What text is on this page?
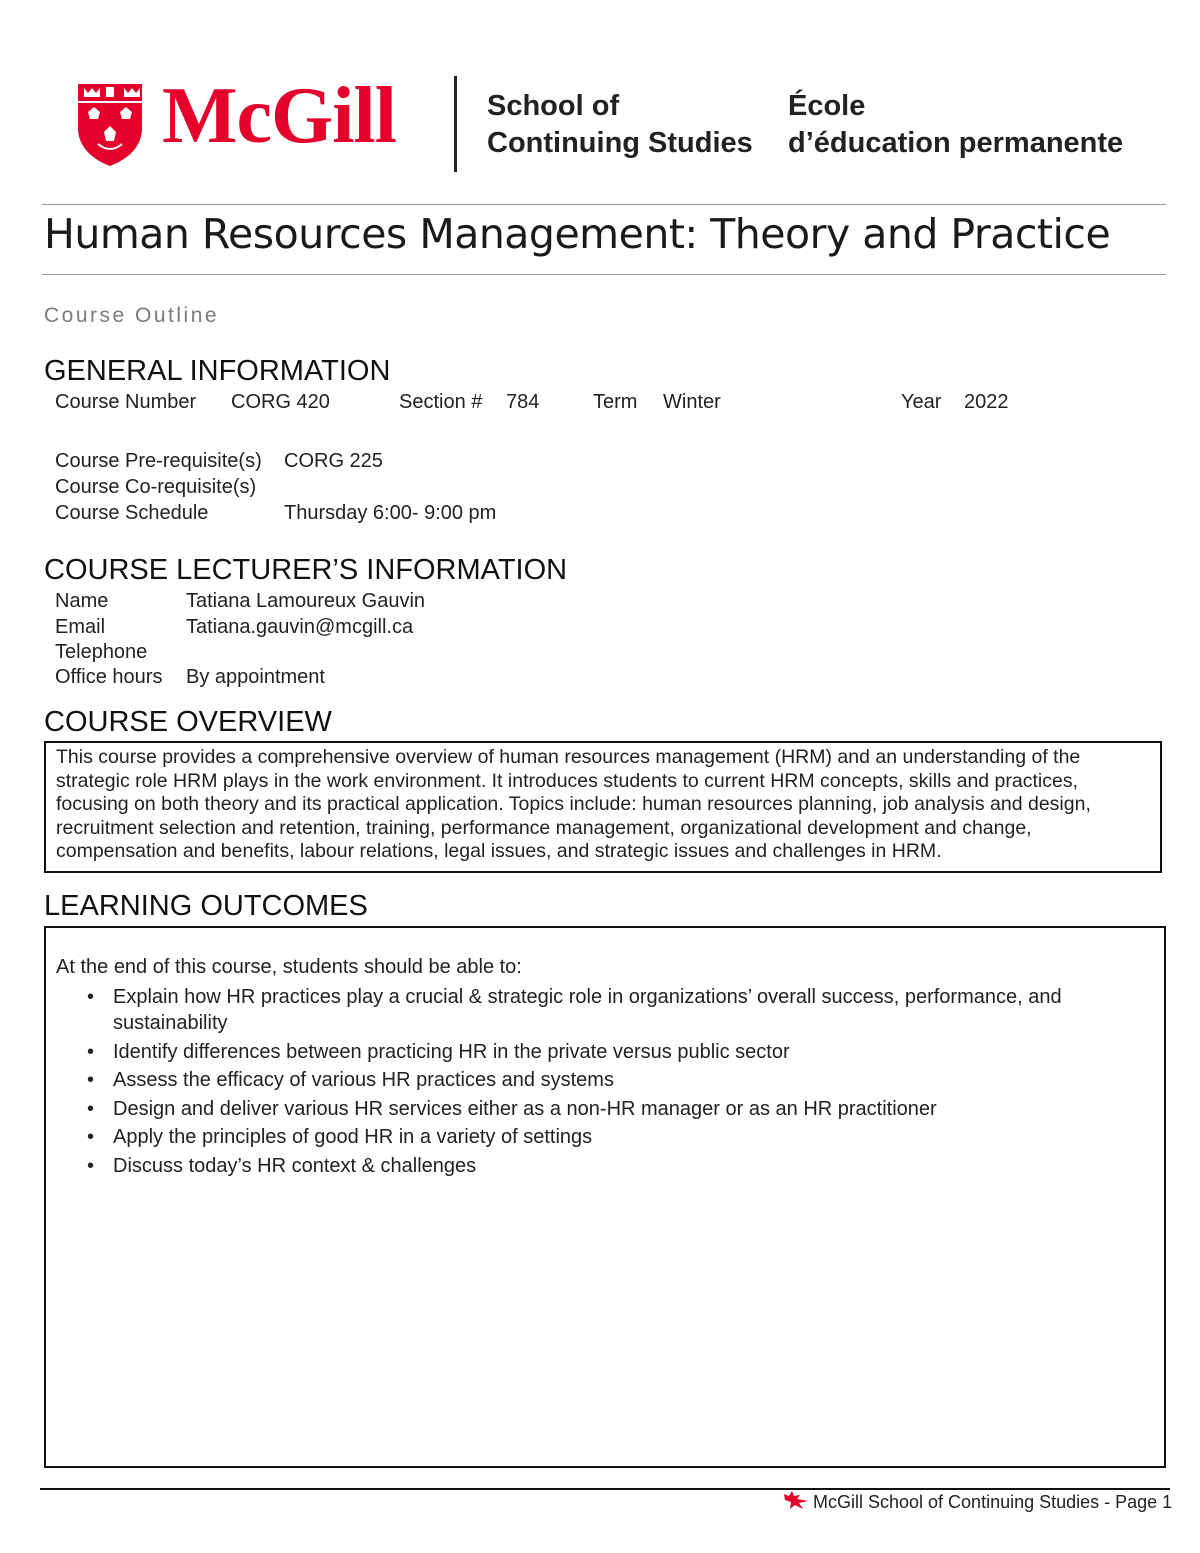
McGill	School of
Continuing Studies
École
d’éducation permanente
Human Resources Management: Theory and Practice
Course Outline
GENERAL INFORMATION
Course Number CORG 420	Section # 784	Term Winter	Year 2022
Course Pre-requisite(s) CORG 225
Course Co-requisite(s)
Course Schedule	Thursday 6:00- 9:00 pm
COURSE LECTURER’S INFORMATION
Name	Tatiana Lamoureux Gauvin
Email	Tatiana.gauvin@mcgill.ca
Telephone
Office hours By appointment
COURSE OVERVIEW
This course provides a comprehensive overview of human resources management (HRM) and an understanding of the strategic role HRM plays in the work environment. It introduces students to current HRM concepts, skills and practices, focusing on both theory and its practical application. Topics include: human resources planning, job analysis and design, recruitment selection and retention, training, performance management, organizational development and change, compensation and benefits, labour relations, legal issues, and strategic issues and challenges in HRM.
LEARNING OUTCOMES
At the end of this course, students should be able to:
• Explain how HR practices play a crucial & strategic role in organizations’ overall success, performance, and sustainability
• Identify differences between practicing HR in the private versus public sector
• Assess the efficacy of various HR practices and systems
• Design and deliver various HR services either as a non-HR manager or as an HR practitioner
• Apply the principles of good HR in a variety of settings
• Discuss today’s HR context & challenges
McGill School of Continuing Studies - Page 1
